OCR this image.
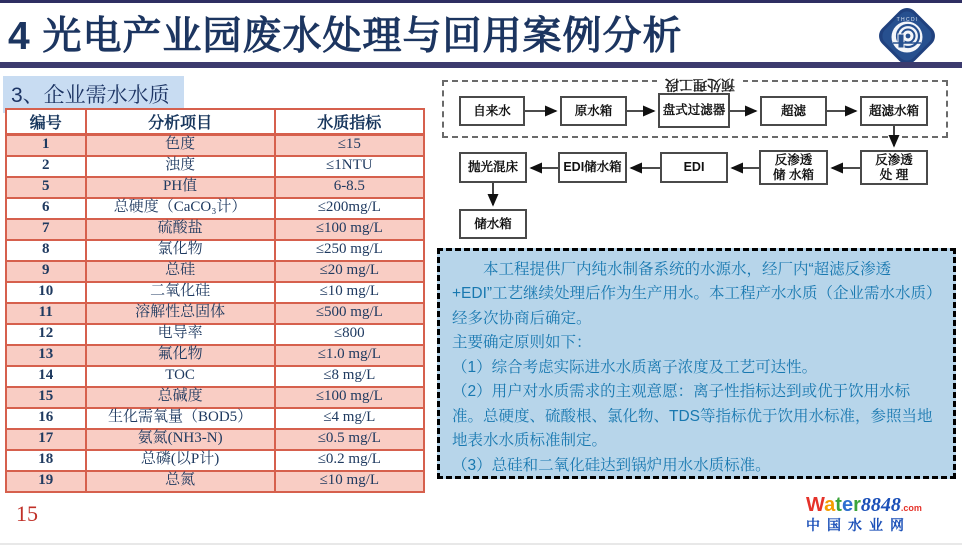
4 光电产业园废水处理与回用案例分析	T H C D I
3、企业需水水质
编号	分析项目	水质指标
1	色度	≤15
2	浊度	≤1NTU
5	PH值	6-8.5
6	总硬度（CaCO₃计）	≤200mg/L
7	硫酸盐	≤100 mg/L
8	氯化物	≤250 mg/L
9	总硅	≤20 mg/L
10	二氧化硅	≤10 mg/L
11	溶解性总固体	≤500 mg/L
12	电导率	≤800
13	氟化物	≤1.0 mg/L
14	TOC	≤8 mg/L
15	总碱度	≤100 mg/L
16	生化需氧量（BOD5）	≤4 mg/L
17	氨氮(NH3-N)	≤0.5 mg/L
18	总磷(以P计)	≤0.2 mg/L
19	总氮	≤10 mg/L
15
预处理工段
自来水	原水箱	盘式过滤器	超滤	超滤水箱
抛光混床	EDI储水箱	EDI
反渗透储 水箱
反渗透处 理
储水箱

本工程提供厂内纯水制备系统的水源水，经厂内“超滤反渗透+EDI”工艺继续处理后作为生产用水。本工程产水水质（企业需水水质）经多次协商后确定。

主要确定原则如下：

（1）综合考虑实际进水水质离子浓度及工艺可达性。

（2）用户对水质需求的主观意愿：离子性指标达到或优于饮用水标准。总硬度、硫酸根、氯化物、TDS等指标优于饮用水标准，参照当地地表水水质标准制定。

（3）总硅和二氧化硅达到锅炉用水水质标准。

Water8848.com
中国水业网
